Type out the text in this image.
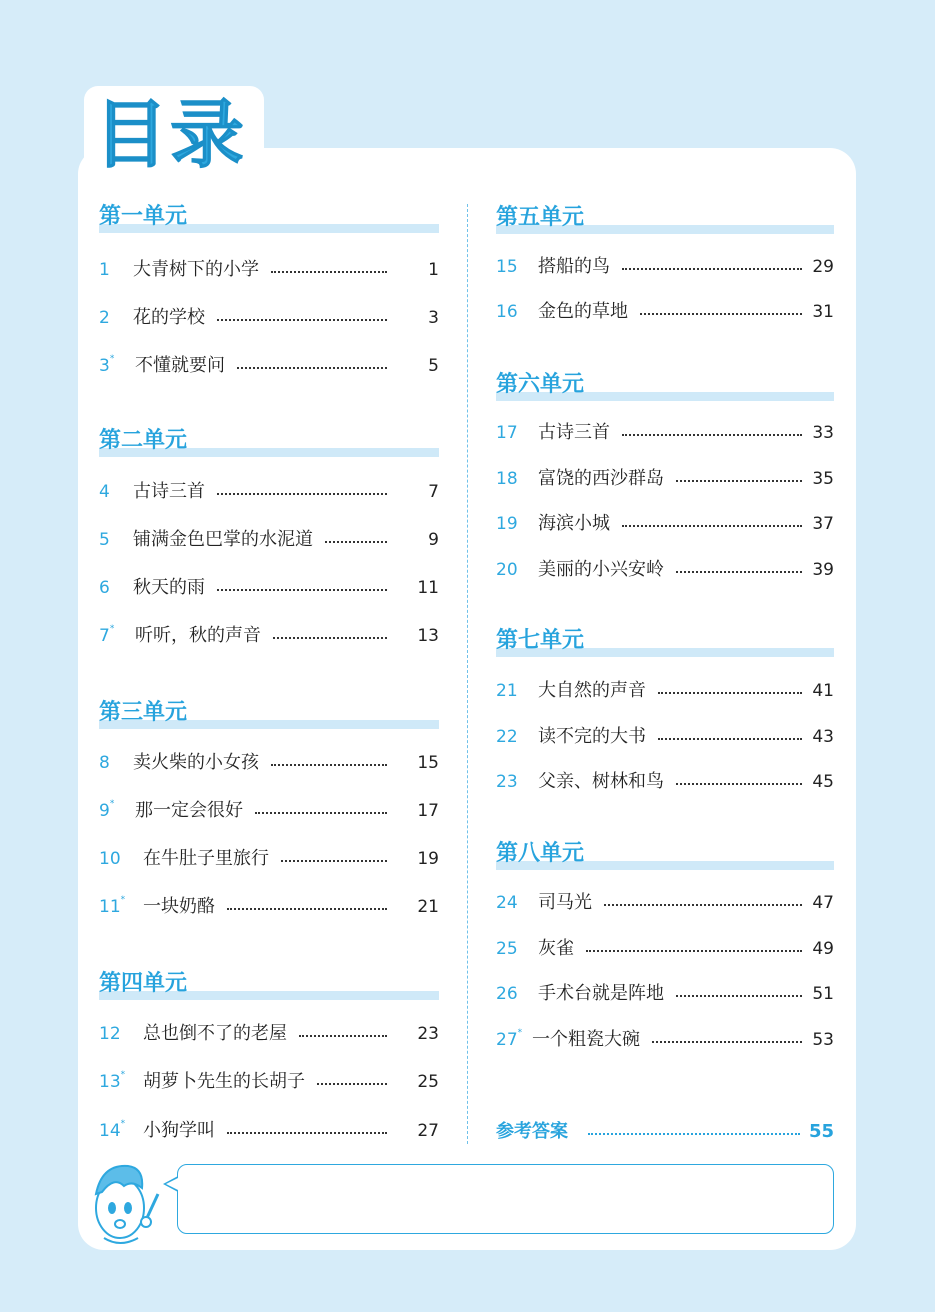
目录
第一单元
1 大青树下的小学	1
2 花的学校	3
3* 不懂就要问	5
第二单元
4 古诗三首	7
5 铺满金色巴掌的水泥道	9
6 秋天的雨	11
7* 听听，秋的声音	13
第三单元
8 卖火柴的小女孩	15
9* 那一定会很好	17
10 在牛肚子里旅行	19
11* 一块奶酪	21
第四单元
12 总也倒不了的老屋	23
13* 胡萝卜先生的长胡子	25
14* 小狗学叫	27
第五单元
15 搭船的鸟	29
16 金色的草地	31
第六单元
17 古诗三首	33
18 富饶的西沙群岛	35
19 海滨小城	37
20 美丽的小兴安岭	39
第七单元
21 大自然的声音	41
22 读不完的大书	43
23 父亲、树林和鸟	45
第八单元
24 司马光	47
25 灰雀	49
26 手术台就是阵地	51
27* 一个粗瓷大碗	53
参考答案	55
